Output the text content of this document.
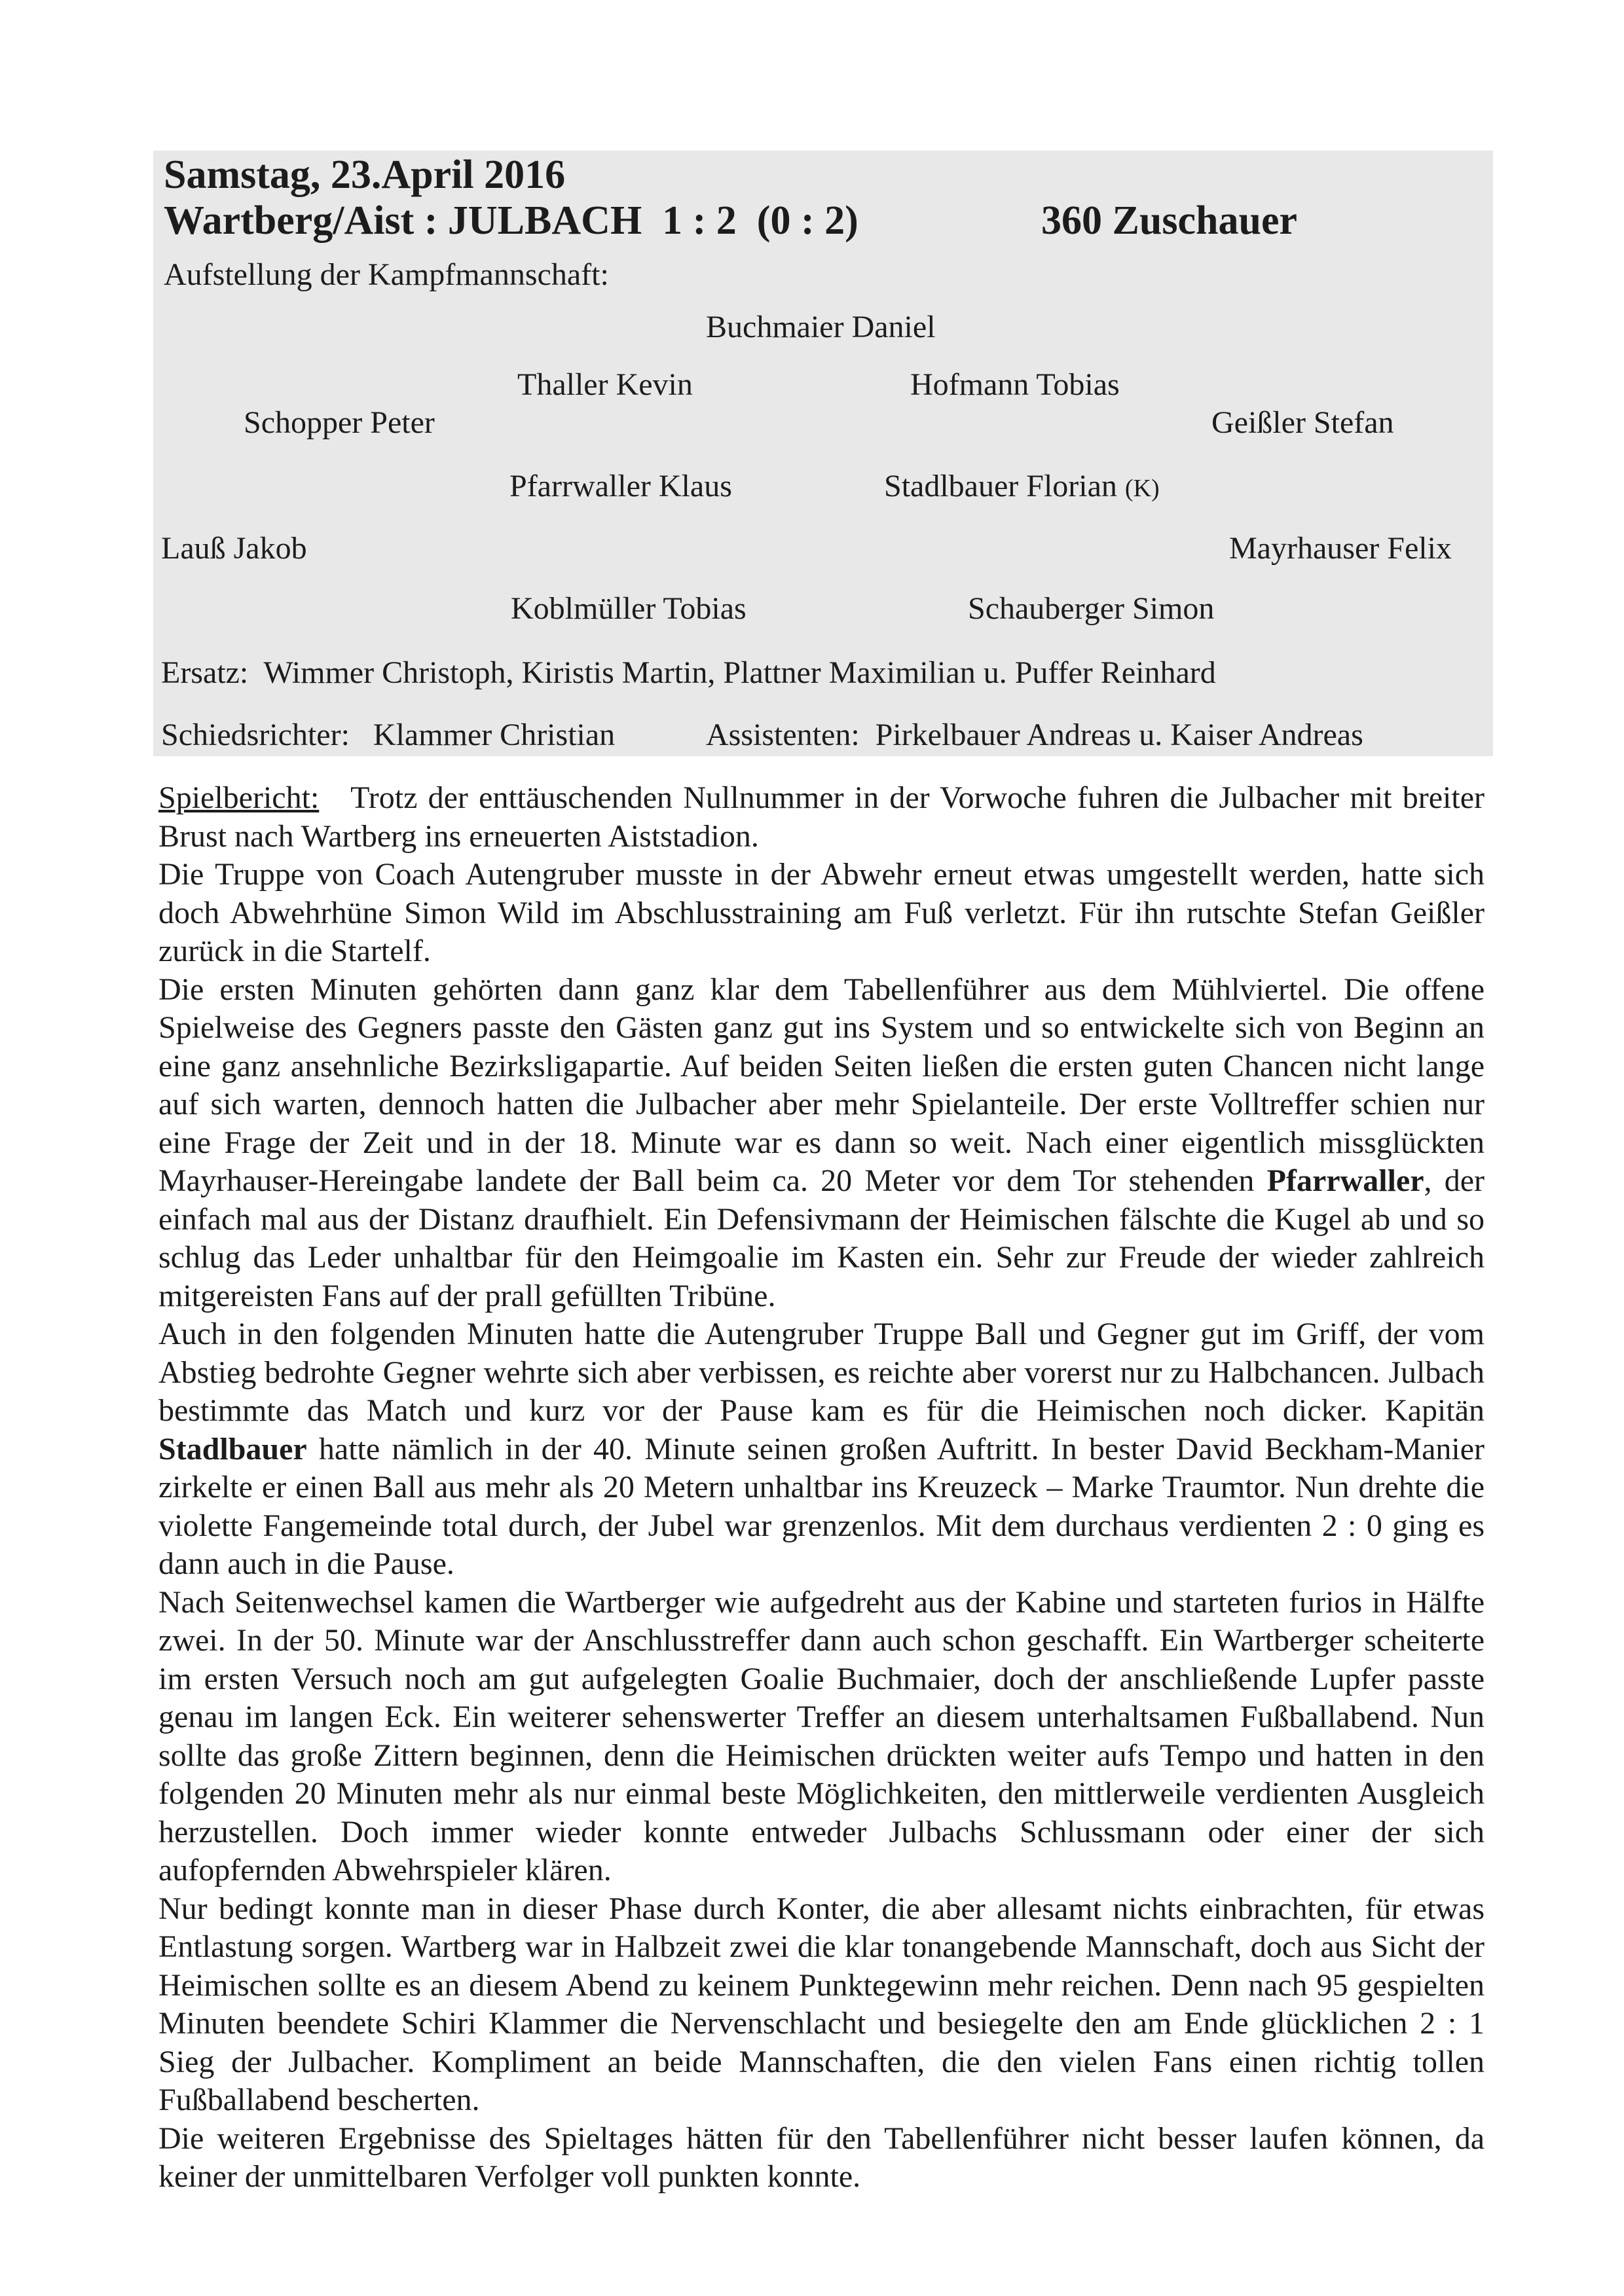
Samstag, 23.April 2016
Wartberg/Aist : JULBACH  1 : 2  (0 : 2)	360 Zuschauer
Aufstellung der Kampfmannschaft:
Buchmaier Daniel
Thaller Kevin	Hofmann Tobias
Schopper Peter	Geißler Stefan
Pfarrwaller Klaus	Stadlbauer Florian (K)
Lauß Jakob	Mayrhauser Felix
Koblmüller Tobias	Schauberger Simon
Ersatz: Wimmer Christoph, Kiristis Martin, Plattner Maximilian u. Puffer Reinhard
Schiedsrichter: Klammer Christian	Assistenten: Pirkelbauer Andreas u. Kaiser Andreas

Spielbericht: Trotz der enttäuschenden Nullnummer in der Vorwoche fuhren die Julbacher mit breiter Brust nach Wartberg ins erneuerten Aiststadion.

Die Truppe von Coach Autengruber musste in der Abwehr erneut etwas umgestellt werden, hatte sich doch Abwehrhüne Simon Wild im Abschlusstraining am Fuß verletzt. Für ihn rutschte Stefan Geißler zurück in die Startelf.

Die ersten Minuten gehörten dann ganz klar dem Tabellenführer aus dem Mühlviertel. Die offene Spielweise des Gegners passte den Gästen ganz gut ins System und so entwickelte sich von Beginn an eine ganz ansehnliche Bezirksligapartie. Auf beiden Seiten ließen die ersten guten Chancen nicht lange auf sich warten, dennoch hatten die Julbacher aber mehr Spielanteile. Der erste Volltreffer schien nur eine Frage der Zeit und in der 18. Minute war es dann so weit. Nach einer eigentlich missglückten Mayrhauser-Hereingabe landete der Ball beim ca. 20 Meter vor dem Tor stehenden Pfarrwaller, der einfach mal aus der Distanz draufhielt. Ein Defensivmann der Heimischen fälschte die Kugel ab und so schlug das Leder unhaltbar für den Heimgoalie im Kasten ein. Sehr zur Freude der wieder zahlreich mitgereisten Fans auf der prall gefüllten Tribüne.

Auch in den folgenden Minuten hatte die Autengruber Truppe Ball und Gegner gut im Griff, der vom Abstieg bedrohte Gegner wehrte sich aber verbissen, es reichte aber vorerst nur zu Halbchancen. Julbach bestimmte das Match und kurz vor der Pause kam es für die Heimischen noch dicker. Kapitän Stadlbauer hatte nämlich in der 40. Minute seinen großen Auftritt. In bester David Beckham-Manier zirkelte er einen Ball aus mehr als 20 Metern unhaltbar ins Kreuzeck – Marke Traumtor. Nun drehte die violette Fangemeinde total durch, der Jubel war grenzenlos. Mit dem durchaus verdienten 2 : 0 ging es dann auch in die Pause.

Nach Seitenwechsel kamen die Wartberger wie aufgedreht aus der Kabine und starteten furios in Hälfte zwei. In der 50. Minute war der Anschlusstreffer dann auch schon geschafft. Ein Wartberger scheiterte im ersten Versuch noch am gut aufgelegten Goalie Buchmaier, doch der anschließende Lupfer passte genau im langen Eck. Ein weiterer sehenswerter Treffer an diesem unterhaltsamen Fußballabend. Nun sollte das große Zittern beginnen, denn die Heimischen drückten weiter aufs Tempo und hatten in den folgenden 20 Minuten mehr als nur einmal beste Möglichkeiten, den mittlerweile verdienten Ausgleich herzustellen. Doch immer wieder konnte entweder Julbachs Schlussmann oder einer der sich aufopfernden Abwehrspieler klären.

Nur bedingt konnte man in dieser Phase durch Konter, die aber allesamt nichts einbrachten, für etwas Entlastung sorgen. Wartberg war in Halbzeit zwei die klar tonangebende Mannschaft, doch aus Sicht der Heimischen sollte es an diesem Abend zu keinem Punktegewinn mehr reichen. Denn nach 95 gespielten Minuten beendete Schiri Klammer die Nervenschlacht und besiegelte den am Ende glücklichen 2 : 1 Sieg der Julbacher. Kompliment an beide Mannschaften, die den vielen Fans einen richtig tollen Fußballabend bescherten.

Die weiteren Ergebnisse des Spieltages hätten für den Tabellenführer nicht besser laufen können, da keiner der unmittelbaren Verfolger voll punkten konnte.
